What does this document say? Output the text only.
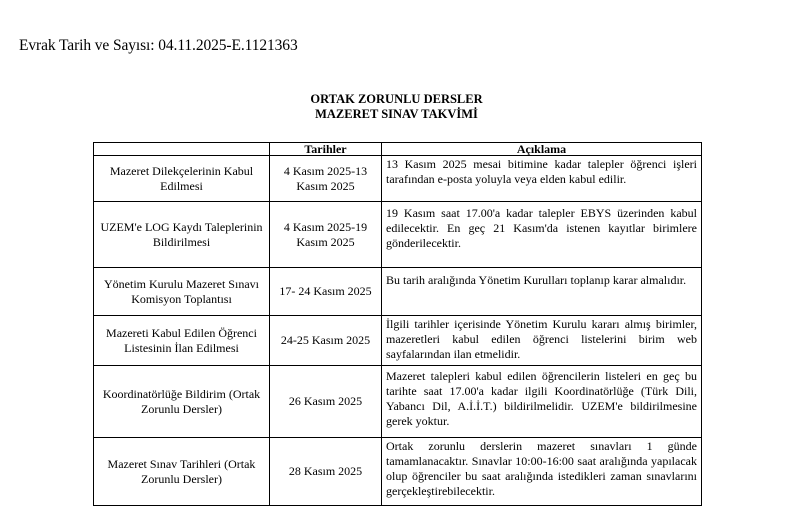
Evrak Tarih ve Sayısı: 04.11.2025-E.1121363
ORTAK ZORUNLU DERSLER
MAZERET SINAV TAKVİMİ
	Tarihler	Açıklama
Mazeret Dilekçelerinin Kabul Edilmesi	4 Kasım 2025-13 Kasım 2025	13 Kasım 2025 mesai bitimine kadar talepler öğrenci işleri tarafından e-posta yoluyla veya elden kabul edilir.
UZEM'e LOG Kaydı Taleplerinin Bildirilmesi	4 Kasım 2025-19 Kasım 2025	19 Kasım saat 17.00'a kadar talepler EBYS üzerinden kabul edilecektir. En geç 21 Kasım'da istenen kayıtlar birimlere gönderilecektir.
Yönetim Kurulu Mazeret Sınavı Komisyon Toplantısı	17- 24 Kasım 2025	Bu tarih aralığında Yönetim Kurulları toplanıp karar almalıdır.
Mazereti Kabul Edilen Öğrenci Listesinin İlan Edilmesi	24-25 Kasım 2025	İlgili tarihler içerisinde Yönetim Kurulu kararı almış birimler, mazeretleri kabul edilen öğrenci listelerini birim web sayfalarından ilan etmelidir.
Koordinatörlüğe Bildirim (Ortak Zorunlu Dersler)	26 Kasım 2025	Mazeret talepleri kabul edilen öğrencilerin listeleri en geç bu tarihte saat 17.00'a kadar ilgili Koordinatörlüğe (Türk Dili, Yabancı Dil, A.İ.İ.T.) bildirilmelidir. UZEM'e bildirilmesine gerek yoktur.
Mazeret Sınav Tarihleri (Ortak Zorunlu Dersler)	28 Kasım 2025	Ortak zorunlu derslerin mazeret sınavları 1 günde tamamlanacaktır. Sınavlar 10:00-16:00 saat aralığında yapılacak olup öğrenciler bu saat aralığında istedikleri zaman sınavlarını gerçekleştirebilecektir.
